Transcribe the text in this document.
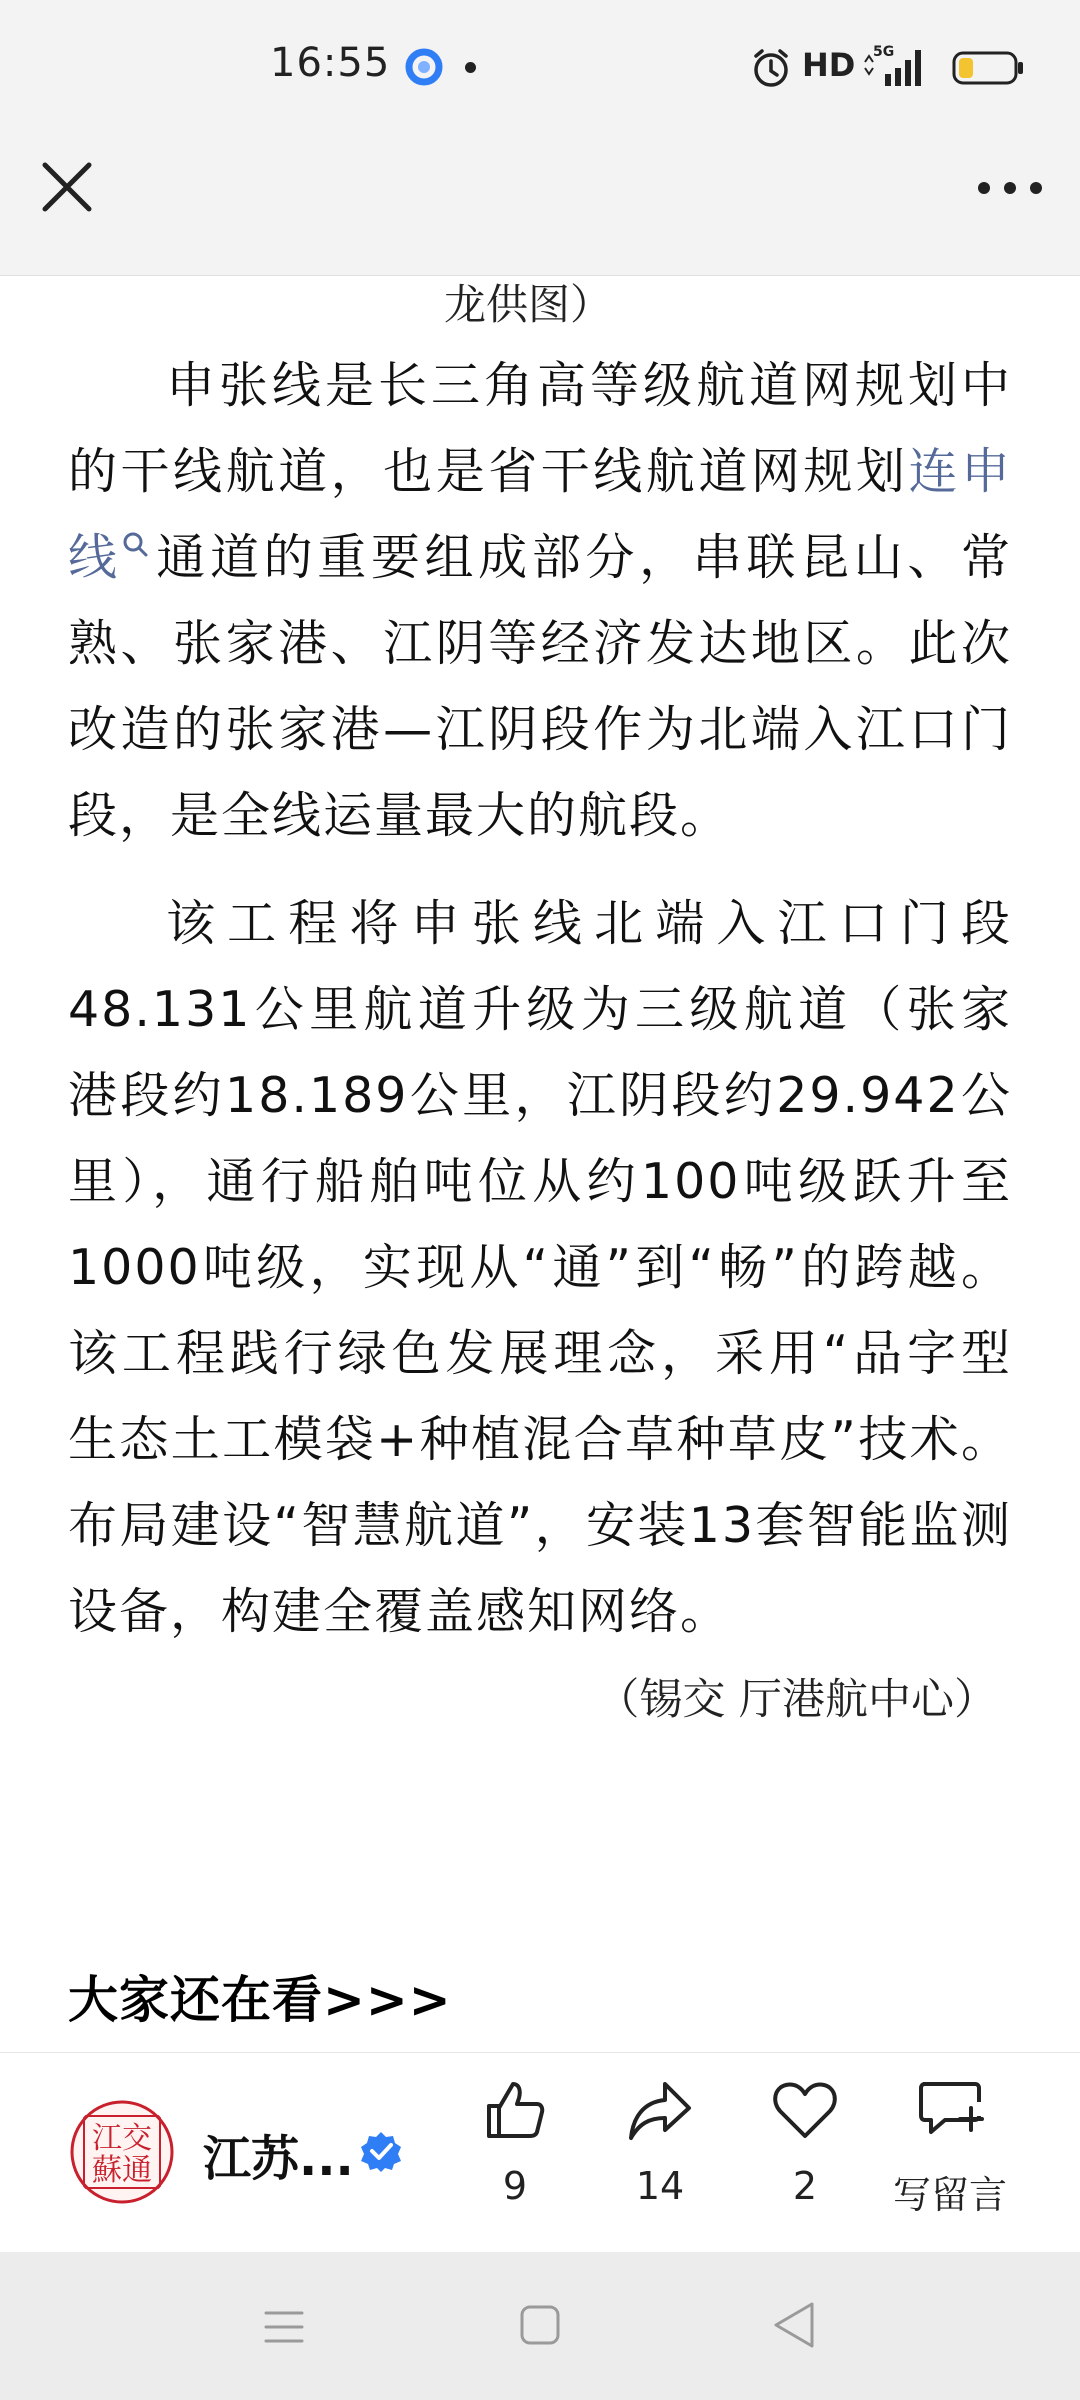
16:55	HD 5G
龙供图）

申张线是长三角高等级航道网规划中的干线航道，也是省干线航道网规划连申线 通道的重要组成部分，串联昆山、常熟、张家港、江阴等经济发达地区。此次改造的张家港—江阴段作为北端入江口门段，是全线运量最大的航段。

该工程将申张线北端入江口门段48.131公里航道升级为三级航道（张家港段约18.189公里，江阴段约29.942公里），通行船舶吨位从约100吨级跃升至1000吨级，实现从“通”到“畅”的跨越。该工程践行绿色发展理念，采用“品字型生态土工模袋+种植混合草种草皮”技术。布局建设“智慧航道”，安装13套智能监测设备，构建全覆盖感知网络。

（锡交 厅港航中心）
大家还在看>>>
江交
蘇通 江苏...	9	14	2	写留言
